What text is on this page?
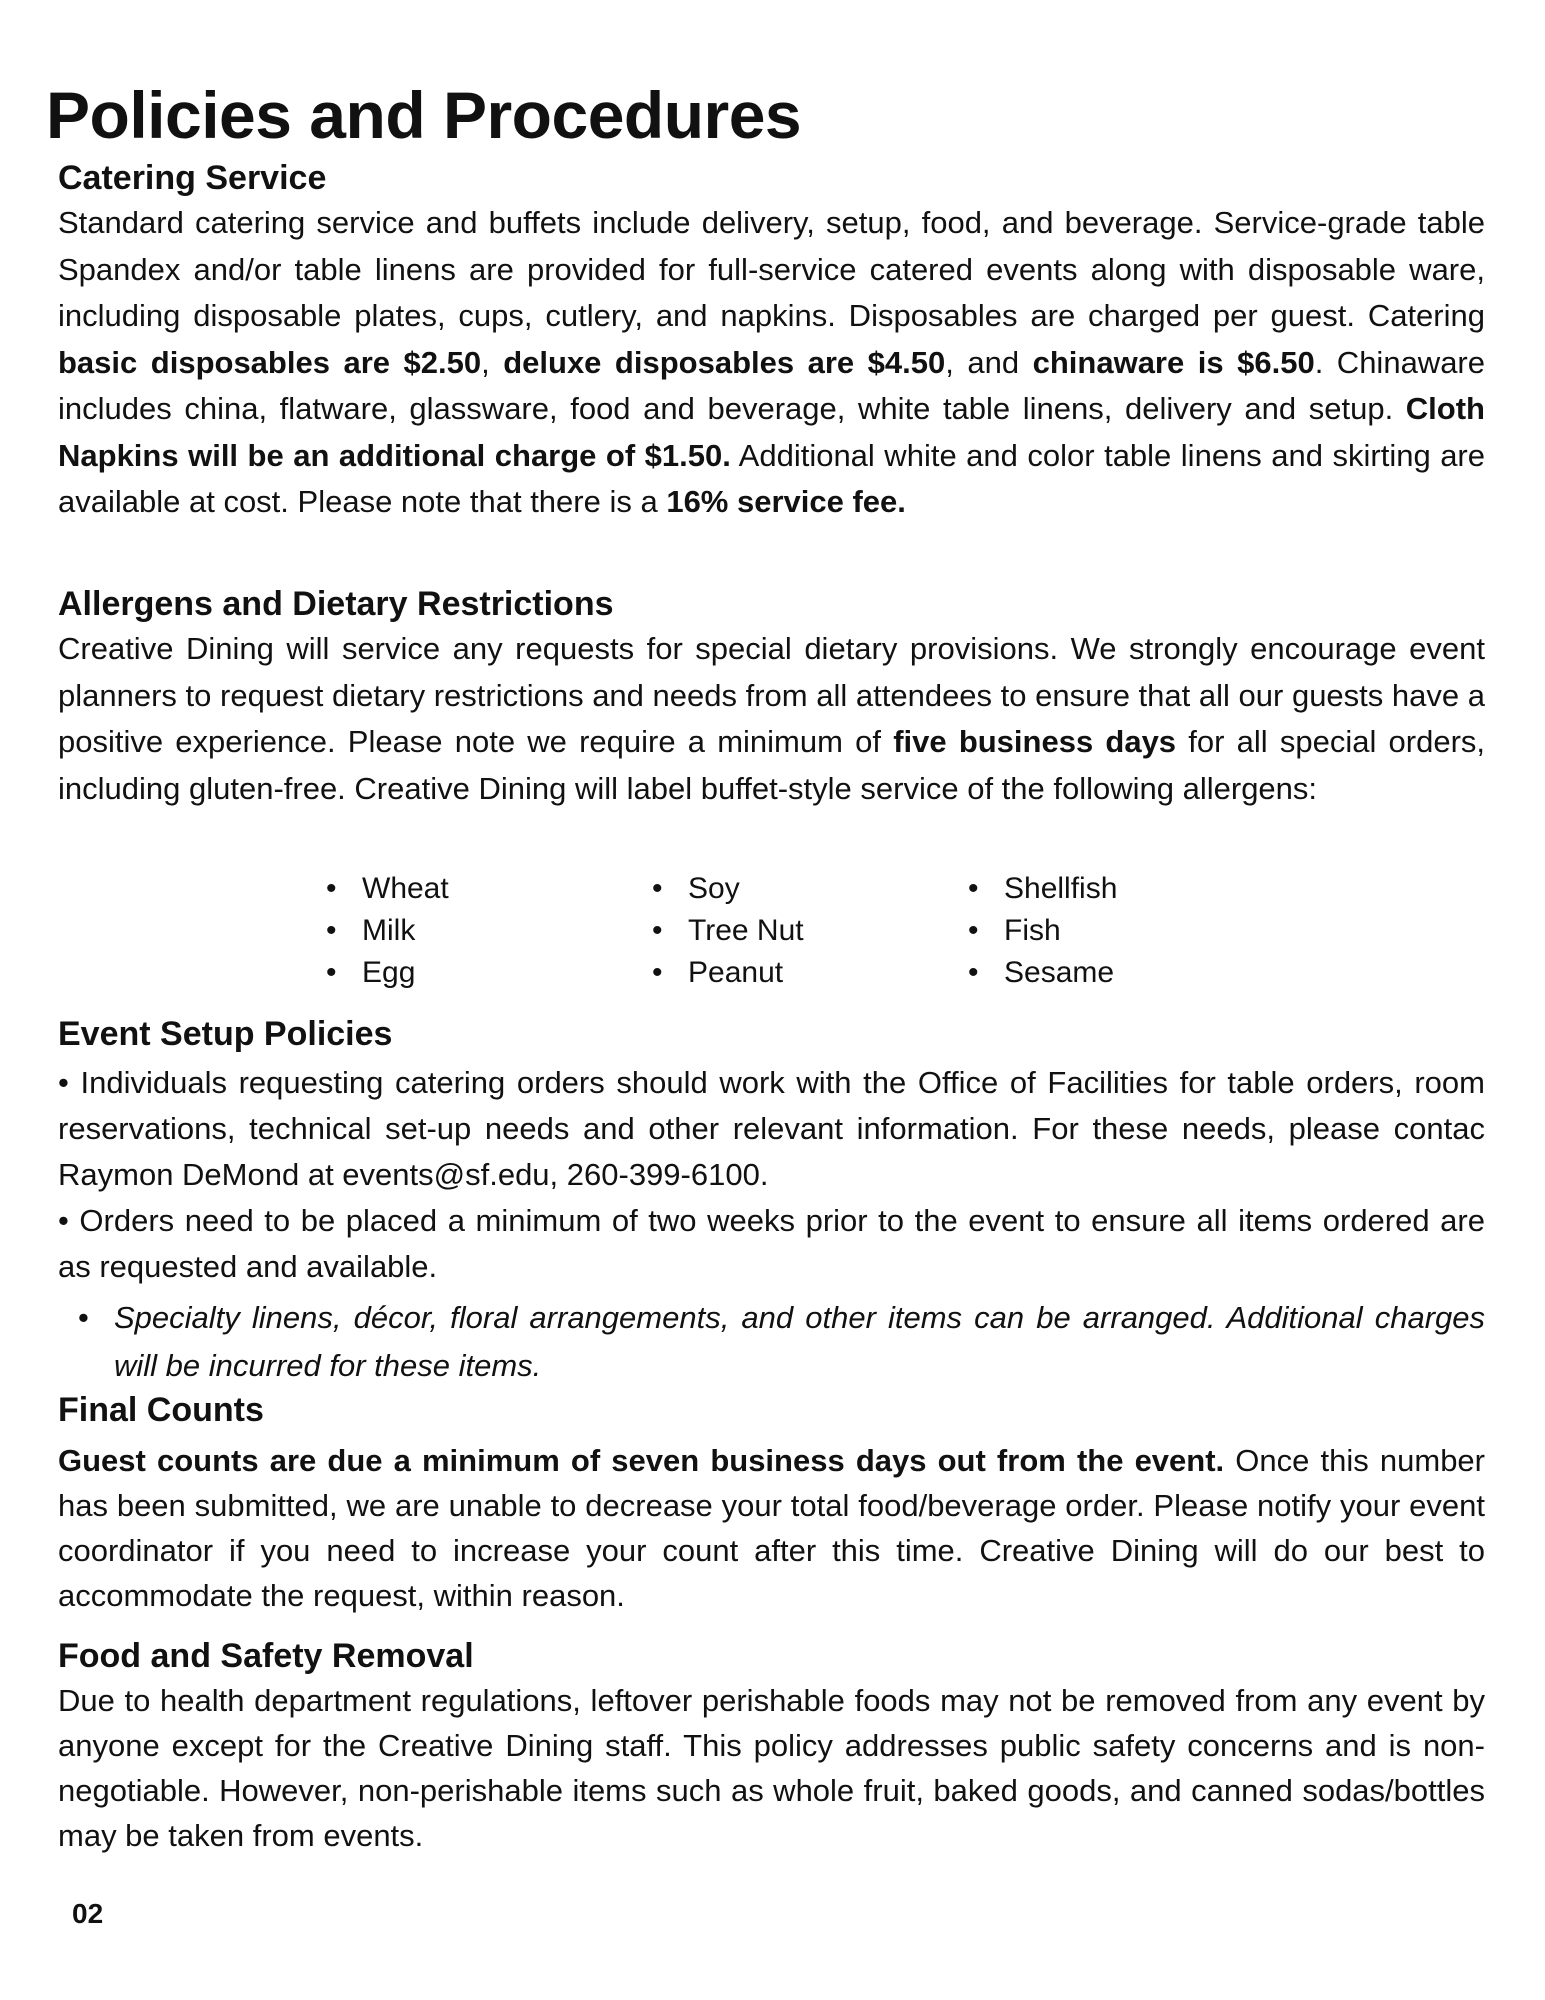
Policies and Procedures
Catering Service

Standard catering service and buffets include delivery, setup, food, and beverage. Service-grade table Spandex and/or table linens are provided for full-service catered events along with disposable ware, including disposable plates, cups, cutlery, and napkins. Disposables are charged per guest. Catering basic disposables are $2.50, deluxe disposables are $4.50, and chinaware is $6.50. Chinaware includes china, flatware, glassware, food and beverage, white table linens, delivery and setup. Cloth Napkins will be an additional charge of $1.50. Additional white and color table linens and skirting are available at cost. Please note that there is a 16% service fee.

Allergens and Dietary Restrictions

Creative Dining will service any requests for special dietary provisions. We strongly encourage event planners to request dietary restrictions and needs from all attendees to ensure that all our guests have a positive experience. Please note we require a minimum of five business days for all special orders, including gluten-free. Creative Dining will label buffet-style service of the following allergens:

• Wheat
• Milk
• Egg
• Soy
• Tree Nut
• Peanut
• Shellfish
• Fish
• Sesame
Event Setup Policies

• Individuals requesting catering orders should work with the Office of Facilities for table orders, room reservations, technical set-up needs and other relevant information. For these needs, please contac Raymon DeMond at events@sf.edu, 260-399-6100.

• Orders need to be placed a minimum of two weeks prior to the event to ensure all items ordered are as requested and available.

• Specialty linens, décor, floral arrangements, and other items can be arranged. Additional charges will be incurred for these items.

Final Counts

Guest counts are due a minimum of seven business days out from the event. Once this number has been submitted, we are unable to decrease your total food/beverage order. Please notify your event coordinator if you need to increase your count after this time. Creative Dining will do our best to accommodate the request, within reason.

Food and Safety Removal

Due to health department regulations, leftover perishable foods may not be removed from any event by anyone except for the Creative Dining staff. This policy addresses public safety concerns and is non-negotiable. However, non-perishable items such as whole fruit, baked goods, and canned sodas/bottles may be taken from events.

02
